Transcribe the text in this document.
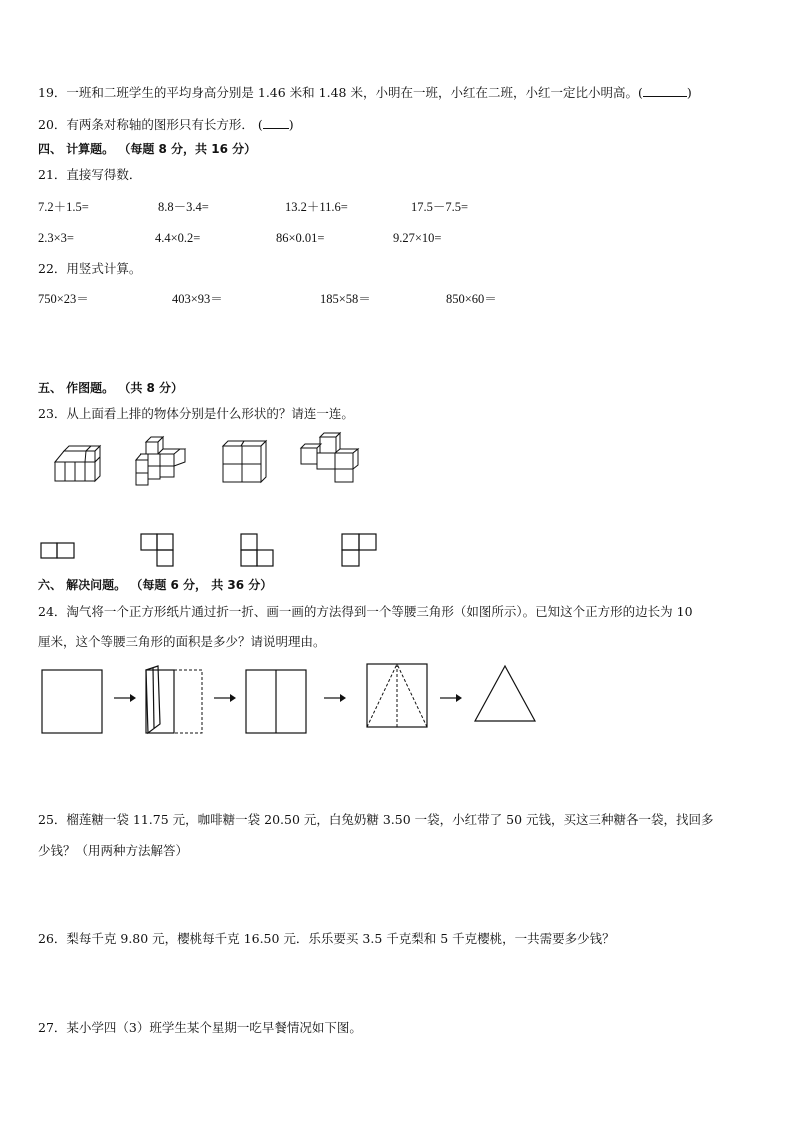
19．一班和二班学生的平均身高分别是 1.46 米和 1.48 米，小明在一班，小红在二班，小红一定比小明高。(	)
20．有两条对称轴的图形只有长方形． ( )
四、 计算题。 （每题 8 分，共 16 分）
21．直接写得数．
7.2＋1.5=	8.8－3.4=	13.2＋11.6=	17.5－7.5=
2.3×3=	4.4×0.2=	86×0.01=	9.27×10=
22．用竖式计算。
750×23＝	403×93＝	185×58＝	850×60＝
五、 作图题。 （共 8 分）
23．从上面看上排的物体分别是什么形状的？请连一连。
六、 解决问题。 （每题 6 分， 共 36 分）
24．淘气将一个正方形纸片通过折一折、画一画的方法得到一个等腰三角形（如图所示）。已知这个正方形的边长为 10
厘米，这个等腰三角形的面积是多少？请说明理由。
25．榴莲糖一袋 11.75 元，咖啡糖一袋 20.50 元，白兔奶糖 3.50 一袋，小红带了 50 元钱，买这三种糖各一袋，找回多
少钱？（用两种方法解答）
26．梨每千克 9.80 元，樱桃每千克 16.50 元．乐乐要买 3.5 千克梨和 5 千克樱桃，一共需要多少钱？
27．某小学四（3）班学生某个星期一吃早餐情况如下图。
